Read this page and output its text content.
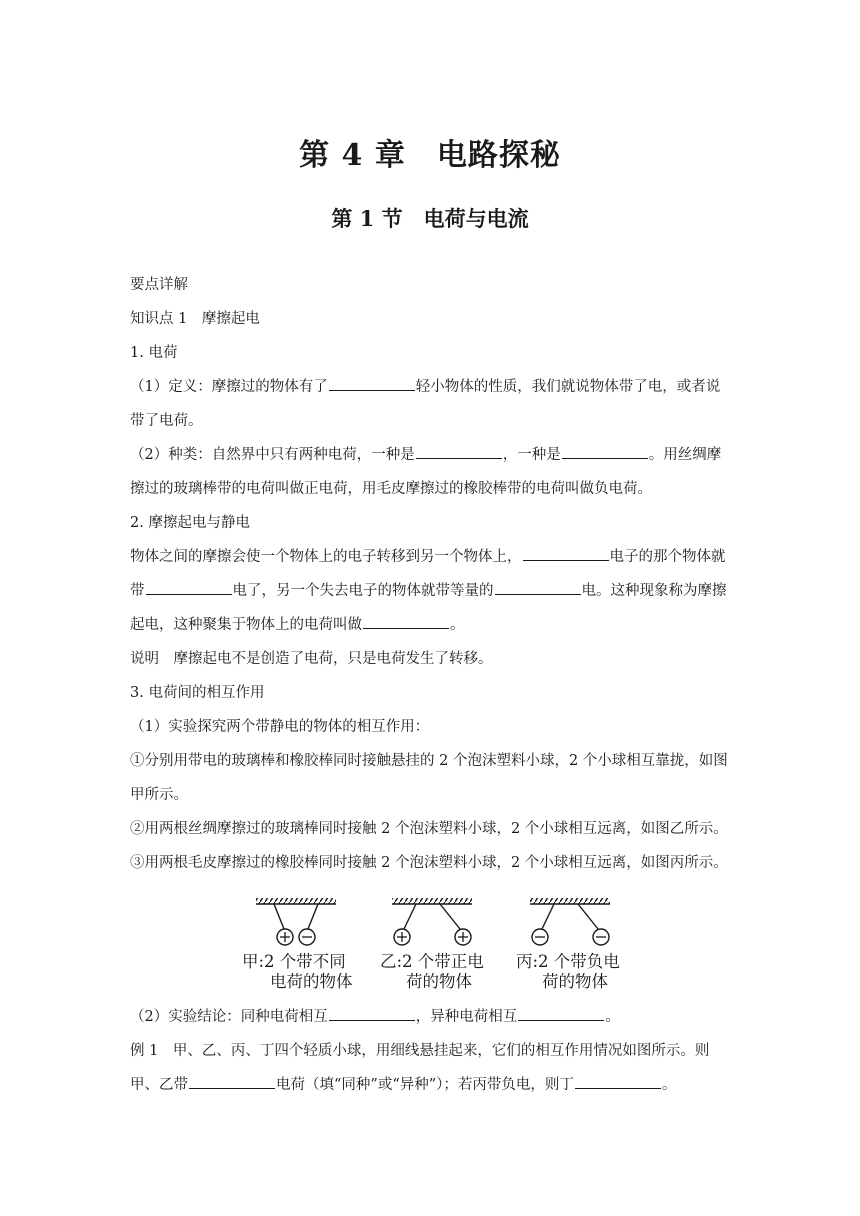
第 4 章　电路探秘
第 1 节　电荷与电流

要点详解

知识点 1　摩擦起电

1. 电荷

（1）定义：摩擦过的物体有了	轻小物体的性质，我们就说物体带了电，或者说带了电荷。

（2）种类：自然界中只有两种电荷，一种是	，一种是	。用丝绸摩擦过的玻璃棒带的电荷叫做正电荷，用毛皮摩擦过的橡胶棒带的电荷叫做负电荷。

2. 摩擦起电与静电

物体之间的摩擦会使一个物体上的电子转移到另一个物体上，	电子的那个物体就带	电了，另一个失去电子的物体就带等量的	电。这种现象称为摩擦起电，这种聚集于物体上的电荷叫做	。

说明　摩擦起电不是创造了电荷，只是电荷发生了转移。

3. 电荷间的相互作用

（1）实验探究两个带静电的物体的相互作用：

①分别用带电的玻璃棒和橡胶棒同时接触悬挂的 2 个泡沫塑料小球，2 个小球相互靠拢，如图甲所示。

②用两根丝绸摩擦过的玻璃棒同时接触 2 个泡沫塑料小球，2 个小球相互远离，如图乙所示。

③用两根毛皮摩擦过的橡胶棒同时接触 2 个泡沫塑料小球，2 个小球相互远离，如图丙所示。

甲:2 个带不同
电荷的物体
乙:2 个带正电
荷的物体
丙:2 个带负电
荷的物体

（2）实验结论：同种电荷相互	，异种电荷相互	。

例 1　甲、乙、丙、丁四个轻质小球，用细线悬挂起来，它们的相互作用情况如图所示。则甲、乙带	电荷（填“同种”或“异种”）；若丙带负电，则丁	。
